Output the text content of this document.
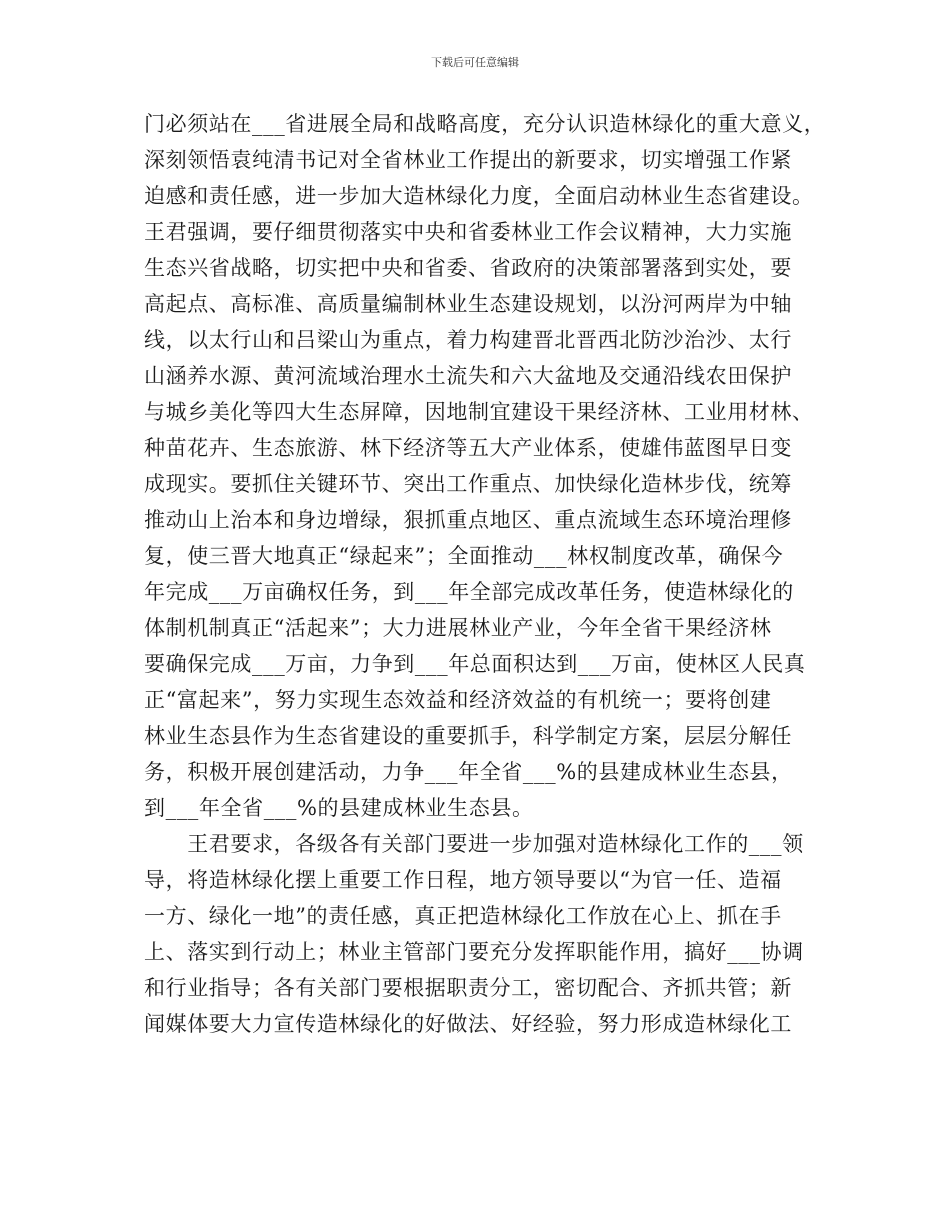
下载后可任意编辑
门必须站在___省进展全局和战略高度，充分认识造林绿化的重大意义，
深刻领悟袁纯清书记对全省林业工作提出的新要求，切实增强工作紧
迫感和责任感，进一步加大造林绿化力度，全面启动林业生态省建设。
王君强调，要仔细贯彻落实中央和省委林业工作会议精神，大力实施
生态兴省战略，切实把中央和省委、省政府的决策部署落到实处，要
高起点、高标准、高质量编制林业生态建设规划，以汾河两岸为中轴
线，以太行山和吕梁山为重点，着力构建晋北晋西北防沙治沙、太行
山涵养水源、黄河流域治理水土流失和六大盆地及交通沿线农田保护
与城乡美化等四大生态屏障，因地制宜建设干果经济林、工业用材林、
种苗花卉、生态旅游、林下经济等五大产业体系，使雄伟蓝图早日变
成现实。要抓住关键环节、突出工作重点、加快绿化造林步伐，统筹
推动山上治本和身边增绿，狠抓重点地区、重点流域生态环境治理修
复，使三晋大地真正“绿起来”；全面推动___林权制度改革，确保今
年完成___万亩确权任务，到___年全部完成改革任务，使造林绿化的
体制机制真正“活起来”；大力进展林业产业，今年全省干果经济林
要确保完成___万亩，力争到___年总面积达到___万亩，使林区人民真
正“富起来”，努力实现生态效益和经济效益的有机统一；要将创建
林业生态县作为生态省建设的重要抓手，科学制定方案，层层分解任
务，积极开展创建活动，力争___年全省___%的县建成林业生态县，
到___年全省___%的县建成林业生态县。
　　王君要求，各级各有关部门要进一步加强对造林绿化工作的___领
导，将造林绿化摆上重要工作日程，地方领导要以“为官一任、造福
一方、绿化一地”的责任感，真正把造林绿化工作放在心上、抓在手
上、落实到行动上；林业主管部门要充分发挥职能作用，搞好___协调
和行业指导；各有关部门要根据职责分工，密切配合、齐抓共管；新
闻媒体要大力宣传造林绿化的好做法、好经验，努力形成造林绿化工
